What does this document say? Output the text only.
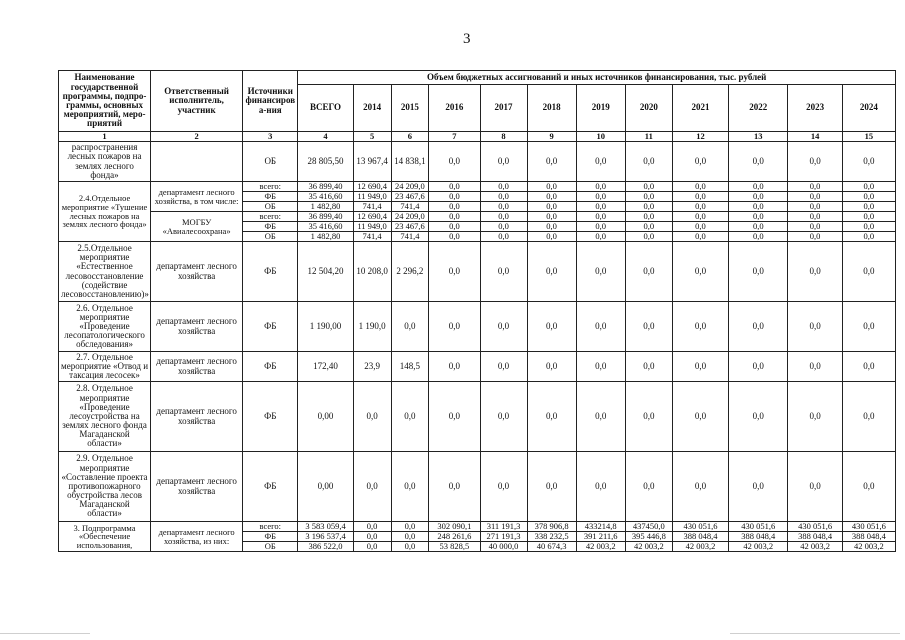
3
Наименование государственной программы, подпро- граммы, основных мероприятий, меро- приятий	Ответственный исполнитель, участник	Источники финансиров а-ния	Объем бюджетных ассигнований и иных источников финансирования, тыс. рублей											
			ВСЕГО	2014	2015	2016	2017	2018	2019	2020	2021	2022	2023	2024
1	2	3	4	5	6	7	8	9	10	11	12	13	14	15
распространения лесных пожаров на землях лесного фонда»		ОБ	28 805,50	13 967,4	14 838,1	0,0	0,0	0,0	0,0	0,0	0,0	0,0	0,0	0,0
2.4.Отдельное мероприятие «Тушение лесных пожаров на землях лесного фонда»	департамент лесного хозяйства, в том числе:	всего:	36 899,40	12 690,4	24 209,0	0,0	0,0	0,0	0,0	0,0	0,0	0,0	0,0	0,0
		ФБ	35 416,60	11 949,0	23 467,6	0,0	0,0	0,0	0,0	0,0	0,0	0,0	0,0	0,0
		ОБ	1 482,80	741,4	741,4	0,0	0,0	0,0	0,0	0,0	0,0	0,0	0,0	0,0
	МОГБУ «Авиалесоохрана»	всего:	36 899,40	12 690,4	24 209,0	0,0	0,0	0,0	0,0	0,0	0,0	0,0	0,0	0,0
		ФБ	35 416,60	11 949,0	23 467,6	0,0	0,0	0,0	0,0	0,0	0,0	0,0	0,0	0,0
		ОБ	1 482,80	741,4	741,4	0,0	0,0	0,0	0,0	0,0	0,0	0,0	0,0	0,0
2.5.Отдельное мероприятие «Естественное лесовосстановление (содействие лесовосстановлению)»	департамент лесного хозяйства	ФБ	12 504,20	10 208,0	2 296,2	0,0	0,0	0,0	0,0	0,0	0,0	0,0	0,0	0,0
2.6. Отдельное мероприятие «Проведение лесопатологического обследования»	департамент лесного хозяйства	ФБ	1 190,00	1 190,0	0,0	0,0	0,0	0,0	0,0	0,0	0,0	0,0	0,0	0,0
2.7. Отдельное мероприятие «Отвод и таксация лесосек»	департамент лесного хозяйства	ФБ	172,40	23,9	148,5	0,0	0,0	0,0	0,0	0,0	0,0	0,0	0,0	0,0
2.8. Отдельное мероприятие «Проведение лесоустройства на землях лесного фонда Магаданской области»	департамент лесного хозяйства	ФБ	0,00	0,0	0,0	0,0	0,0	0,0	0,0	0,0	0,0	0,0	0,0	0,0
2.9. Отдельное мероприятие «Составление проекта противопожарного обустройства лесов Магаданской области»	департамент лесного хозяйства	ФБ	0,00	0,0	0,0	0,0	0,0	0,0	0,0	0,0	0,0	0,0	0,0	0,0
3. Подпрограмма «Обеспечение использования,	департамент лесного хозяйства, из них:	всего:	3 583 059,4	0,0	0,0	302 090,1	311 191,3	378 906,8	433214,8	437450,0	430 051,6	430 051,6	430 051,6	430 051,6
		ФБ	3 196 537,4	0,0	0,0	248 261,6	271 191,3	338 232,5	391 211,6	395 446,8	388 048,4	388 048,4	388 048,4	388 048,4
		ОБ	386 522,0	0,0	0,0	53 828,5	40 000,0	40 674,3	42 003,2	42 003,2	42 003,2	42 003,2	42 003,2	42 003,2
